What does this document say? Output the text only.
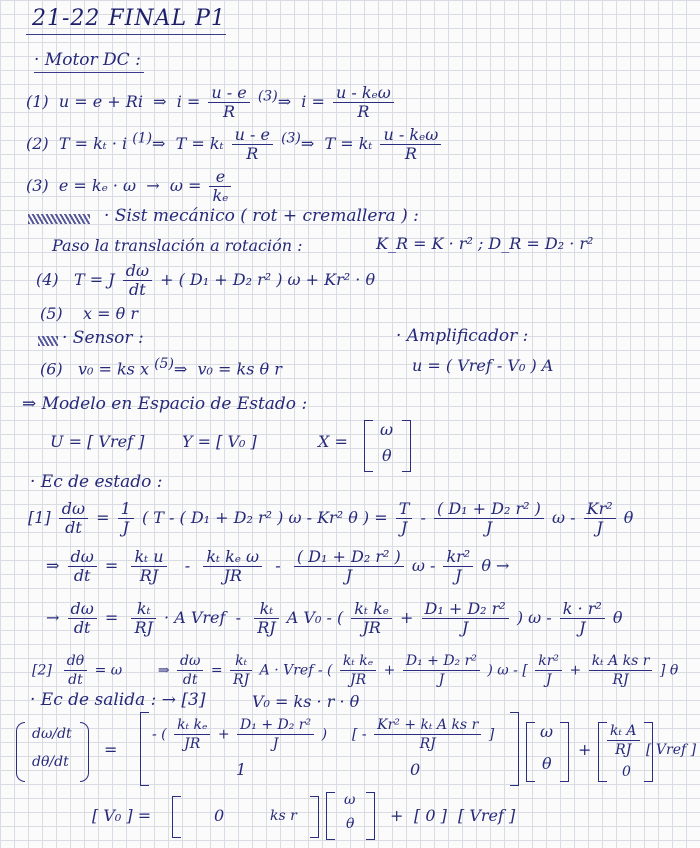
21-22 FINAL P1
· Motor DC :
(1) u = e + Ri ⇒ $i = \frac{u - e}{R}$ $^{(3)}$⇒ $i = \frac{\text{u - kₑω}}{R}$
(2) T = kₜ · i $^{(1)}$⇒ T = kₜ $\frac{u - e}{R}$ $^{(3)}$⇒ T = kₜ $\frac{\text{u - kₑω}}{R}$
(3) $e = k_e \cdot \omega \to \omega = \frac{e}{\text{kₑ}}$
· Sist mecánico ( rot + cremallera ) :
Paso la translación a rotación :	K_R = K · r² ; D_R = D₂ · r²
(4) T = J $\frac{d\omega}{dt}$ + ( D₁ + D₂ r² ) ω + Kr² · θ
(5) x = θ r
· Sensor :	· Amplificador :
(6) v₀ = ks x $^{(5)}$⇒ v₀ = ks θ r	u = ( Vref - V₀ ) A
⇒ Modelo en Espacio de Estado :
U = [ Vref ] Y = [ V₀ ]	X =
ω
θ
· Ec de estado :
$[1] \frac{d\omega}{dt} = \frac{1}{J}$ ( T - ( D₁ + D₂ r² ) ω - Kr² θ ) = $\frac{T}{J} - \frac{\text{( D₁ + D₂ r² )}}{J}$ ω - $\frac{\text{Kr²}}{J}$ θ
⇒ $\frac{d\omega}{dt} = \frac{\text{kₜ u}}{RJ} - \frac{\text{kₜ kₑ ω}}{JR} - \frac{\text{( D₁ + D₂ r² )}}{J}$ ω - $\frac{\text{kr²}}{J}$ θ →
→ $\frac{d\omega}{dt} = \frac{\text{kₜ}}{RJ} \cdot A$ Vref - $\frac{\text{kₜ}}{RJ}$ A V₀ - ( $\frac{\text{kₜ kₑ}}{JR} + \frac{\text{D₁ + D₂ r²}}{J}$ ) ω - $\frac{\text{k · r²}}{J}$ θ
$[2] \frac{d\theta}{dt} = \omega$	⇒ $\frac{d\omega}{dt} = \frac{\text{kₜ}}{RJ}$ A · Vref - ( $\frac{\text{kₜ kₑ}}{JR} + \frac{\text{D₁ + D₂ r²}}{J}$ ) ω - [ $\frac{\text{kr²}}{J} + \frac{\text{kₜ A ks r}}{RJ}$ ] θ
· Ec de salida : → [3]	V₀ = ks · r · θ
dω/dt
dθ/dt
=
- ( $\frac{\text{kₜ kₑ}}{JR} + \frac{\text{D₁ + D₂ r²}}{J}$ ) [ - $\frac{\text{Kr² + kₜ A ks r}}{RJ}$ ]
1	0
ω
θ
+ $\frac{\text{kₜ A}}{RJ}$
0
[ Vref ]
[ V₀ ] =	0	ks r
ω
θ + [ 0 ] [ Vref ]
